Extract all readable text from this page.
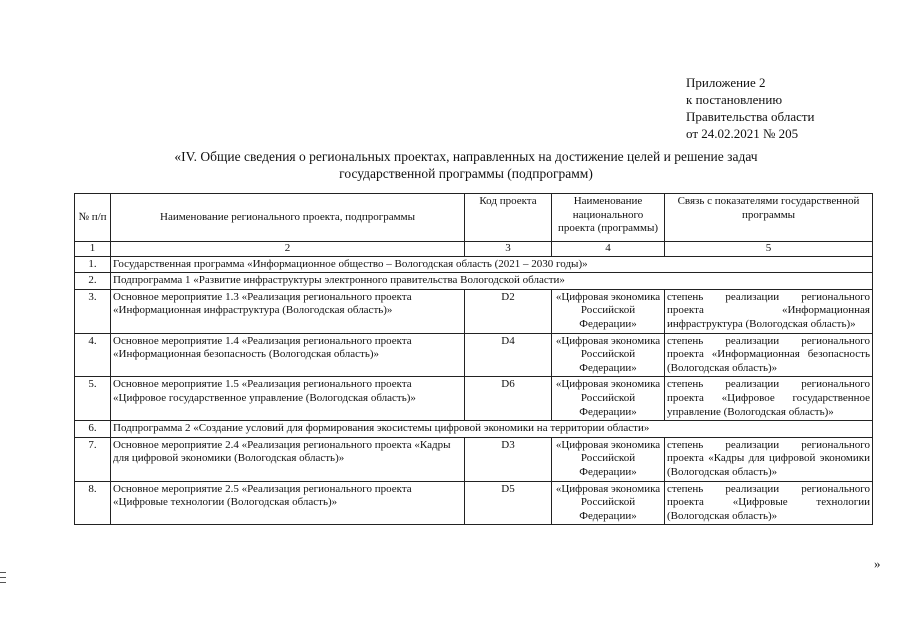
Приложение 2
к постановлению
Правительства области
от 24.02.2021 № 205
«IV. Общие сведения о региональных проектах, направленных на достижение целей и решение задач
государственной программы (подпрограмм)
№ п/п	Наименование регионального проекта, подпрограммы	Код проекта	Наименование национального проекта (программы)	Связь с показателями государственной программы
1	2	3	4	5
1.	Государственная программа «Информационное общество – Вологодская область (2021 – 2030 годы)»			
2.	Подпрограмма 1 «Развитие инфраструктуры электронного правительства Вологодской области»			
3.	Основное мероприятие 1.3 «Реализация регионального проекта «Информационная инфраструктура (Вологодская область)»	D2	«Цифровая экономика Российской Федерации»	степень реализации регионального проекта «Информационная инфраструктура (Вологодская область)»
4.	Основное мероприятие 1.4 «Реализация регионального проекта «Информационная безопасность (Вологодская область)»	D4	«Цифровая экономика Российской Федерации»	степень реализации регионального проекта «Информационная безопасность (Вологодская область)»
5.	Основное мероприятие 1.5 «Реализация регионального проекта «Цифровое государственное управление (Вологодская область)»	D6	«Цифровая экономика Российской Федерации»	степень реализации регионального проекта «Цифровое государственное управление (Вологодская область)»
6.	Подпрограмма 2 «Создание условий для формирования экосистемы цифровой экономики на территории области»			
7.	Основное мероприятие 2.4 «Реализация регионального проекта «Кадры для цифровой экономики (Вологодская область)»	D3	«Цифровая экономика Российской Федерации»	степень реализации регионального проекта «Кадры для цифровой экономики (Вологодская область)»
8.	Основное мероприятие 2.5 «Реализация регионального проекта «Цифровые технологии (Вологодская область)»	D5	«Цифровая экономика Российской Федерации»	степень реализации регионального проекта «Цифровые технологии (Вологодская область)»
»
